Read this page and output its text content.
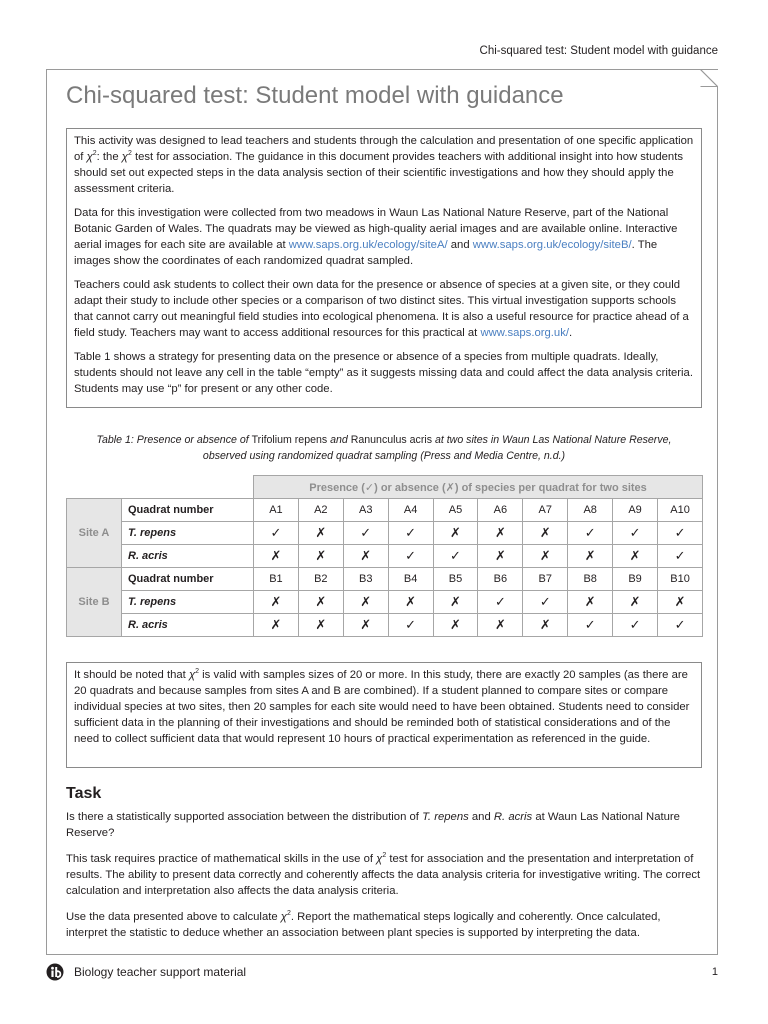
Chi-squared test: Student model with guidance
Chi-squared test: Student model with guidance

This activity was designed to lead teachers and students through the calculation and presentation of one specific application of $\chi^2$: the $\chi^2$ test for association. The guidance in this document provides teachers with additional insight into how students should set out expected steps in the data analysis section of their scientific investigations and how they should apply the assessment criteria.

Data for this investigation were collected from two meadows in Waun Las National Nature Reserve, part of the National Botanic Garden of Wales. The quadrats may be viewed as high-quality aerial images and are available online. Interactive aerial images for each site are available at www.saps.org.uk/ecology/siteA/ and www.saps.org.uk/ecology/siteB/. The images show the coordinates of each randomized quadrat sampled.

Teachers could ask students to collect their own data for the presence or absence of species at a given site, or they could adapt their study to include other species or a comparison of two distinct sites. This virtual investigation supports schools that cannot carry out meaningful field studies into ecological phenomena. It is also a useful resource for practice ahead of a field study. Teachers may want to access additional resources for this practical at www.saps.org.uk/.

Table 1 shows a strategy for presenting data on the presence or absence of a species from multiple quadrats. Ideally, students should not leave any cell in the table “empty” as it suggests missing data and could affect the data analysis criteria. Students may use “p” for present or any other code.

Table 1: Presence or absence of Trifolium repens and Ranunculus acris at two sites in Waun Las National Nature Reserve,
observed using randomized quadrat sampling (Press and Media Centre, n.d.)
		Presence (✓) or absence (✗) of species per quadrat for two sites									
Site A	Quadrat number	A1	A2	A3	A4	A5	A6	A7	A8	A9	A10
	T. repens	✓	✗	✓	✓	✗	✗	✗	✓	✓	✓
	R. acris	✗	✗	✗	✓	✓	✗	✗	✗	✗	✓
Site B	Quadrat number	B1	B2	B3	B4	B5	B6	B7	B8	B9	B10
	T. repens	✗	✗	✗	✗	✗	✓	✓	✗	✗	✗
	R. acris	✗	✗	✗	✓	✗	✗	✗	✓	✓	✓

It should be noted that $\chi^2$ is valid with samples sizes of 20 or more. In this study, there are exactly 20 samples (as there are 20 quadrats and because samples from sites A and B are combined). If a student planned to compare sites or compare individual species at two sites, then 20 samples for each site would need to have been obtained. Students need to consider sufficient data in the planning of their investigations and should be reminded both of statistical considerations and of the need to collect sufficient data that would represent 10 hours of practical experimentation as referenced in the guide.

Task

Is there a statistically supported association between the distribution of T. repens and R. acris at Waun Las National Nature Reserve?

This task requires practice of mathematical skills in the use of $\chi^2$ test for association and the presentation and interpretation of results. The ability to present data correctly and coherently affects the data analysis criteria for investigative writing. The correct calculation and interpretation also affects the data analysis criteria.

Use the data presented above to calculate $\chi^2$. Report the mathematical steps logically and coherently. Once calculated, interpret the statistic to deduce whether an association between plant species is supported by interpreting the data.

Biology teacher support material	1
